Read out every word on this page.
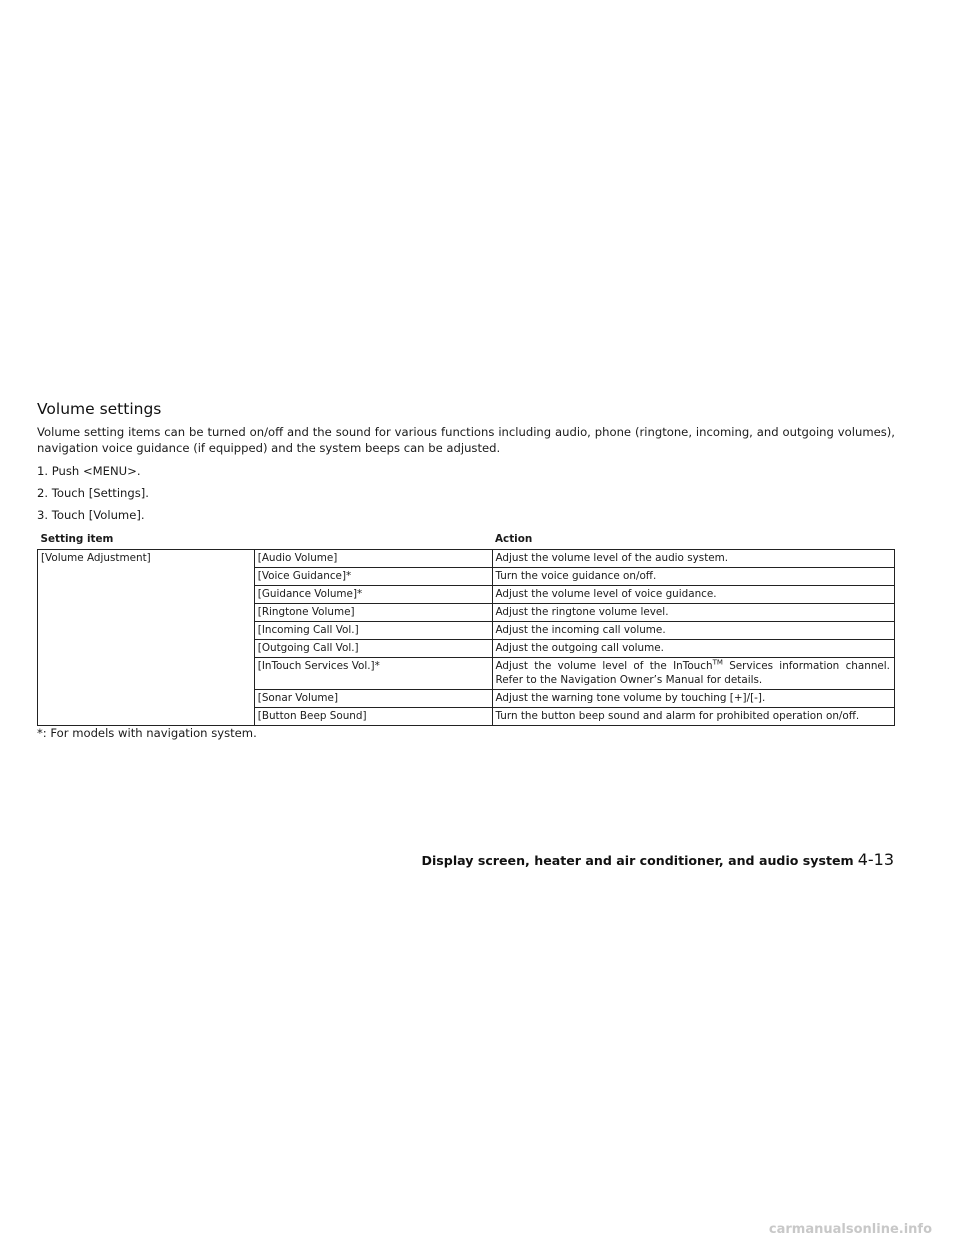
Volume settings

Volume setting items can be turned on/off and the sound for various functions including audio, phone (ringtone, incoming, and outgoing volumes), navigation voice guidance (if equipped) and the system beeps can be adjusted.

1. Push <MENU>.

2. Touch [Settings].

3. Touch [Volume].

Setting item		Action
[Volume Adjustment]	[Audio Volume]	Adjust the volume level of the audio system.
	[Voice Guidance]*	Turn the voice guidance on/off.
	[Guidance Volume]*	Adjust the volume level of voice guidance.
	[Ringtone Volume]	Adjust the ringtone volume level.
	[Incoming Call Vol.]	Adjust the incoming call volume.
	[Outgoing Call Vol.]	Adjust the outgoing call volume.
	[InTouch Services Vol.]*	Adjust the volume level of the InTouch™ Services information channel. Refer to the Navigation Owner’s Manual for details.
	[Sonar Volume]	Adjust the warning tone volume by touching [+]/[-].
	[Button Beep Sound]	Turn the button beep sound and alarm for prohibited operation on/off.

*: For models with navigation system.

Display screen, heater and air conditioner, and audio system 4-13
carmanualsonline.info
